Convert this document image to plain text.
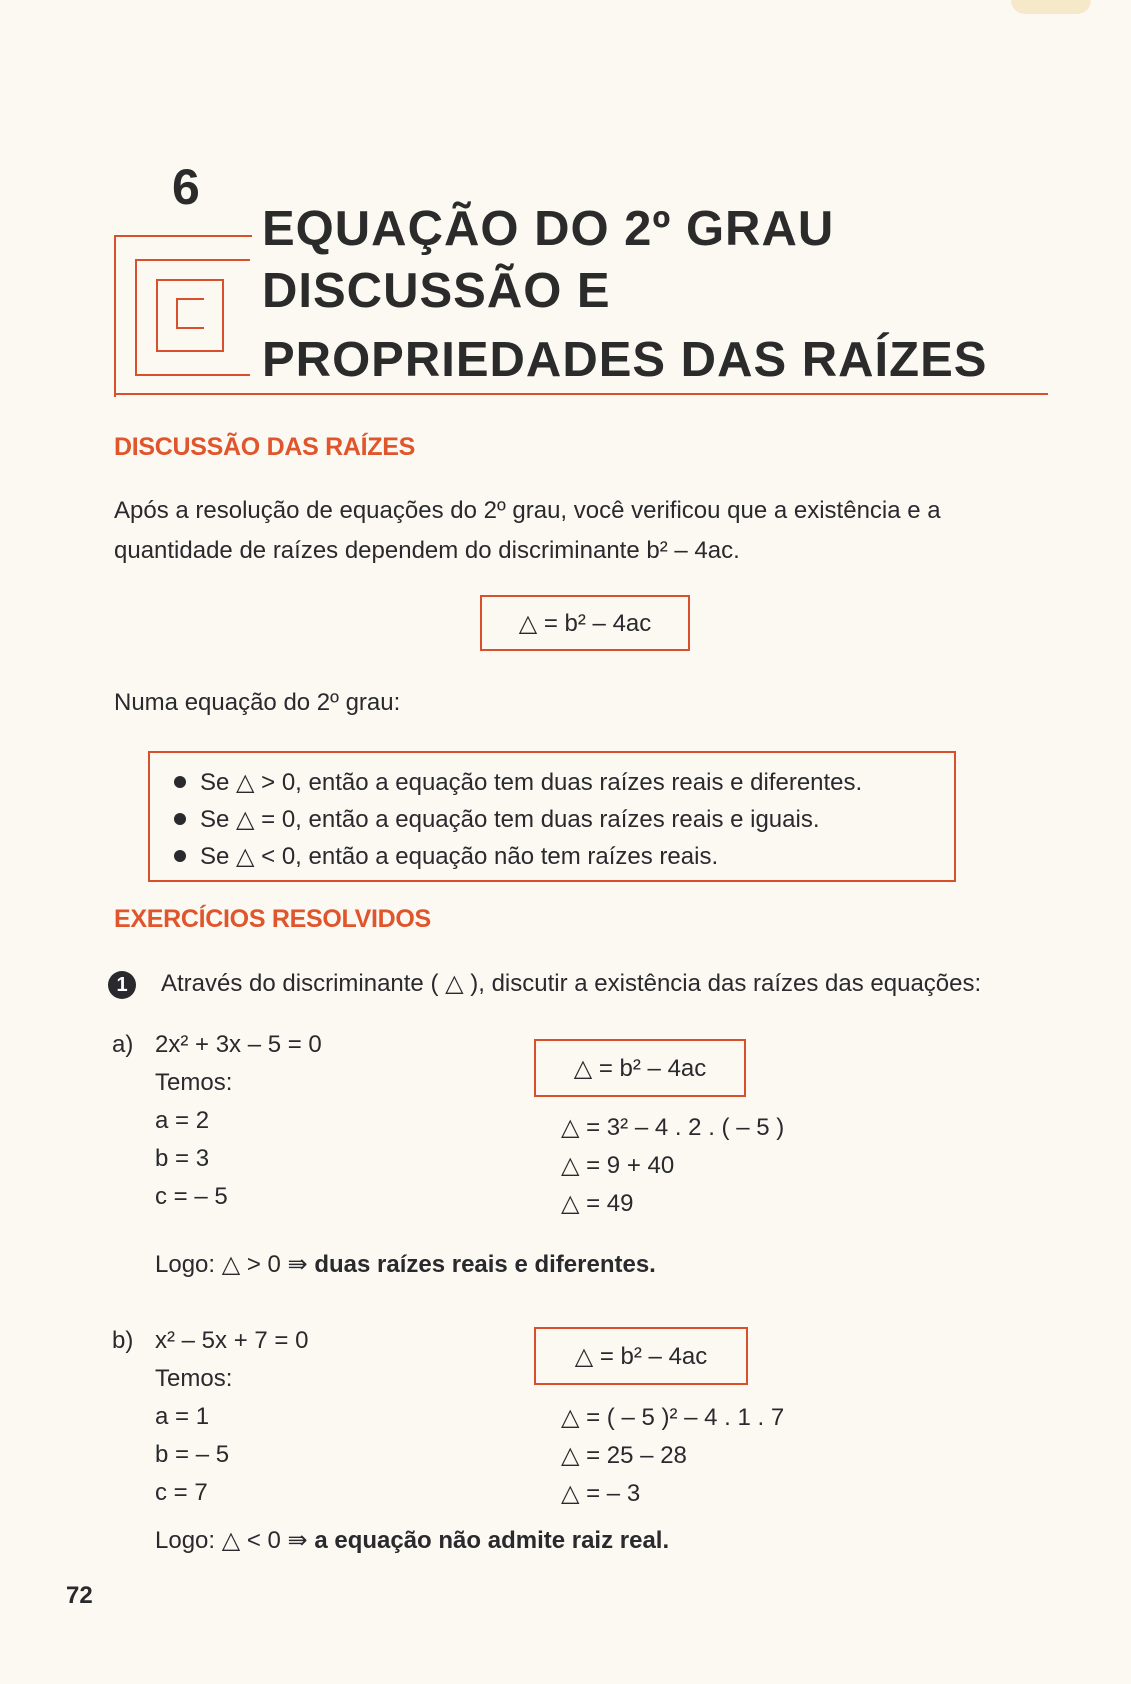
6
EQUAÇÃO DO 2º GRAU
DISCUSSÃO E
PROPRIEDADES DAS RAÍZES
DISCUSSÃO DAS RAÍZES
Após a resolução de equações do 2º grau, você verificou que a existência e a
quantidade de raízes dependem do discriminante b² – 4ac.
△ = b² – 4ac
Numa equação do 2º grau:
Se △ > 0, então a equação tem duas raízes reais e diferentes.
Se △ = 0, então a equação tem duas raízes reais e iguais.
Se △ < 0, então a equação não tem raízes reais.
EXERCÍCIOS RESOLVIDOS
1	Através do discriminante ( △ ), discutir a existência das raízes das equações:
a) 2x² + 3x – 5 = 0
Temos:
a = 2
b = 3
c = – 5
△ = b² – 4ac
△ = 3² – 4 . 2 . ( – 5 )
△ = 9 + 40
△ = 49
Logo: △ > 0 ⇛ duas raízes reais e diferentes.
b) x² – 5x + 7 = 0
Temos:
a = 1
b = – 5
c = 7
△ = b² – 4ac
△ = ( – 5 )² – 4 . 1 . 7
△ = 25 – 28
△ = – 3
Logo: △ < 0 ⇛ a equação não admite raiz real.
72
